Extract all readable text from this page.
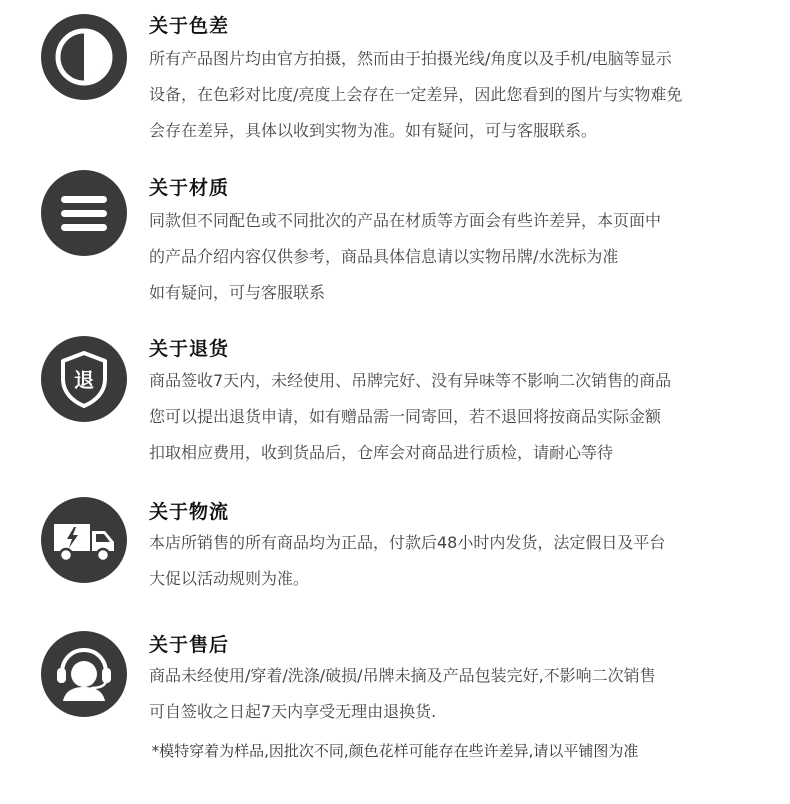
关于色差
所有产品图片均由官方拍摄，然而由于拍摄光线/角度以及手机/电脑等显示
设备，在色彩对比度/亮度上会存在一定差异，因此您看到的图片与实物难免
会存在差异，具体以收到实物为准。如有疑问，可与客服联系。
关于材质
同款但不同配色或不同批次的产品在材质等方面会有些许差异，本页面中
的产品介绍内容仅供参考，商品具体信息请以实物吊牌/水洗标为准
如有疑问，可与客服联系
退
关于退货
商品签收7天内，未经使用、吊牌完好、没有异味等不影响二次销售的商品
您可以提出退货申请，如有赠品需一同寄回，若不退回将按商品实际金额
扣取相应费用，收到货品后，仓库会对商品进行质检，请耐心等待
关于物流
本店所销售的所有商品均为正品，付款后48小时内发货，法定假日及平台
大促以活动规则为准。
关于售后
商品未经使用/穿着/洗涤/破损/吊牌未摘及产品包装完好,不影响二次销售
可自签收之日起7天内享受无理由退换货.
*模特穿着为样品,因批次不同,颜色花样可能存在些许差异,请以平铺图为准
